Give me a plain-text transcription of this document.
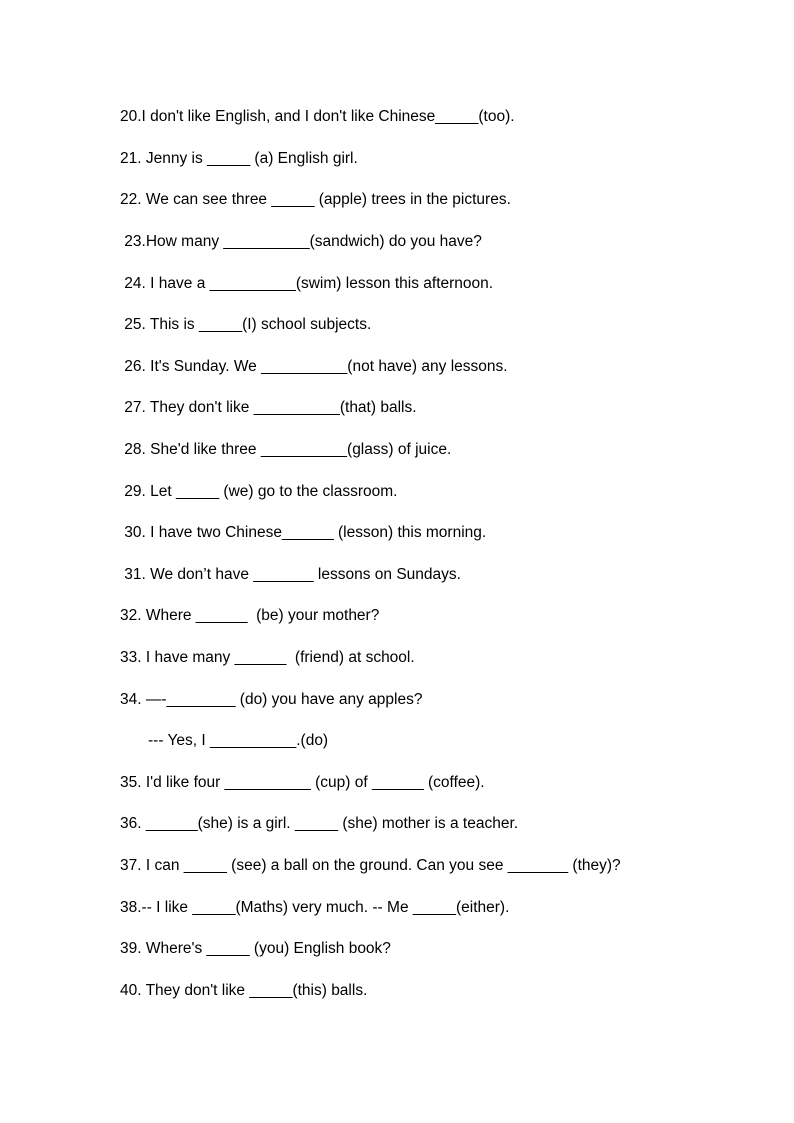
20.I don't like English, and I don't like Chinese_____(too).
21. Jenny is _____ (a) English girl.
22. We can see three _____ (apple) trees in the pictures.
23.How many __________(sandwich) do you have?
24. I have a __________(swim) lesson this afternoon.
25. This is _____(I) school subjects.
26. It's Sunday. We __________(not have) any lessons.
27. They don't like __________(that) balls.
28. She'd like three __________(glass) of juice.
29. Let _____ (we) go to the classroom.
30. I have two Chinese______ (lesson) this morning.
31. We don’t have _______ lessons on Sundays.
32. Where ______  (be) your mother?
33. I have many ______  (friend) at school.
34. —-________ (do) you have any apples?
--- Yes, I __________.(do)
35. I'd like four __________ (cup) of ______ (coffee).
36. ______(she) is a girl. _____ (she) mother is a teacher.
37. I can _____ (see) a ball on the ground. Can you see _______ (they)?
38.-- I like _____(Maths) very much. -- Me _____(either).
39. Where's _____ (you) English book?
40. They don't like _____(this) balls.
